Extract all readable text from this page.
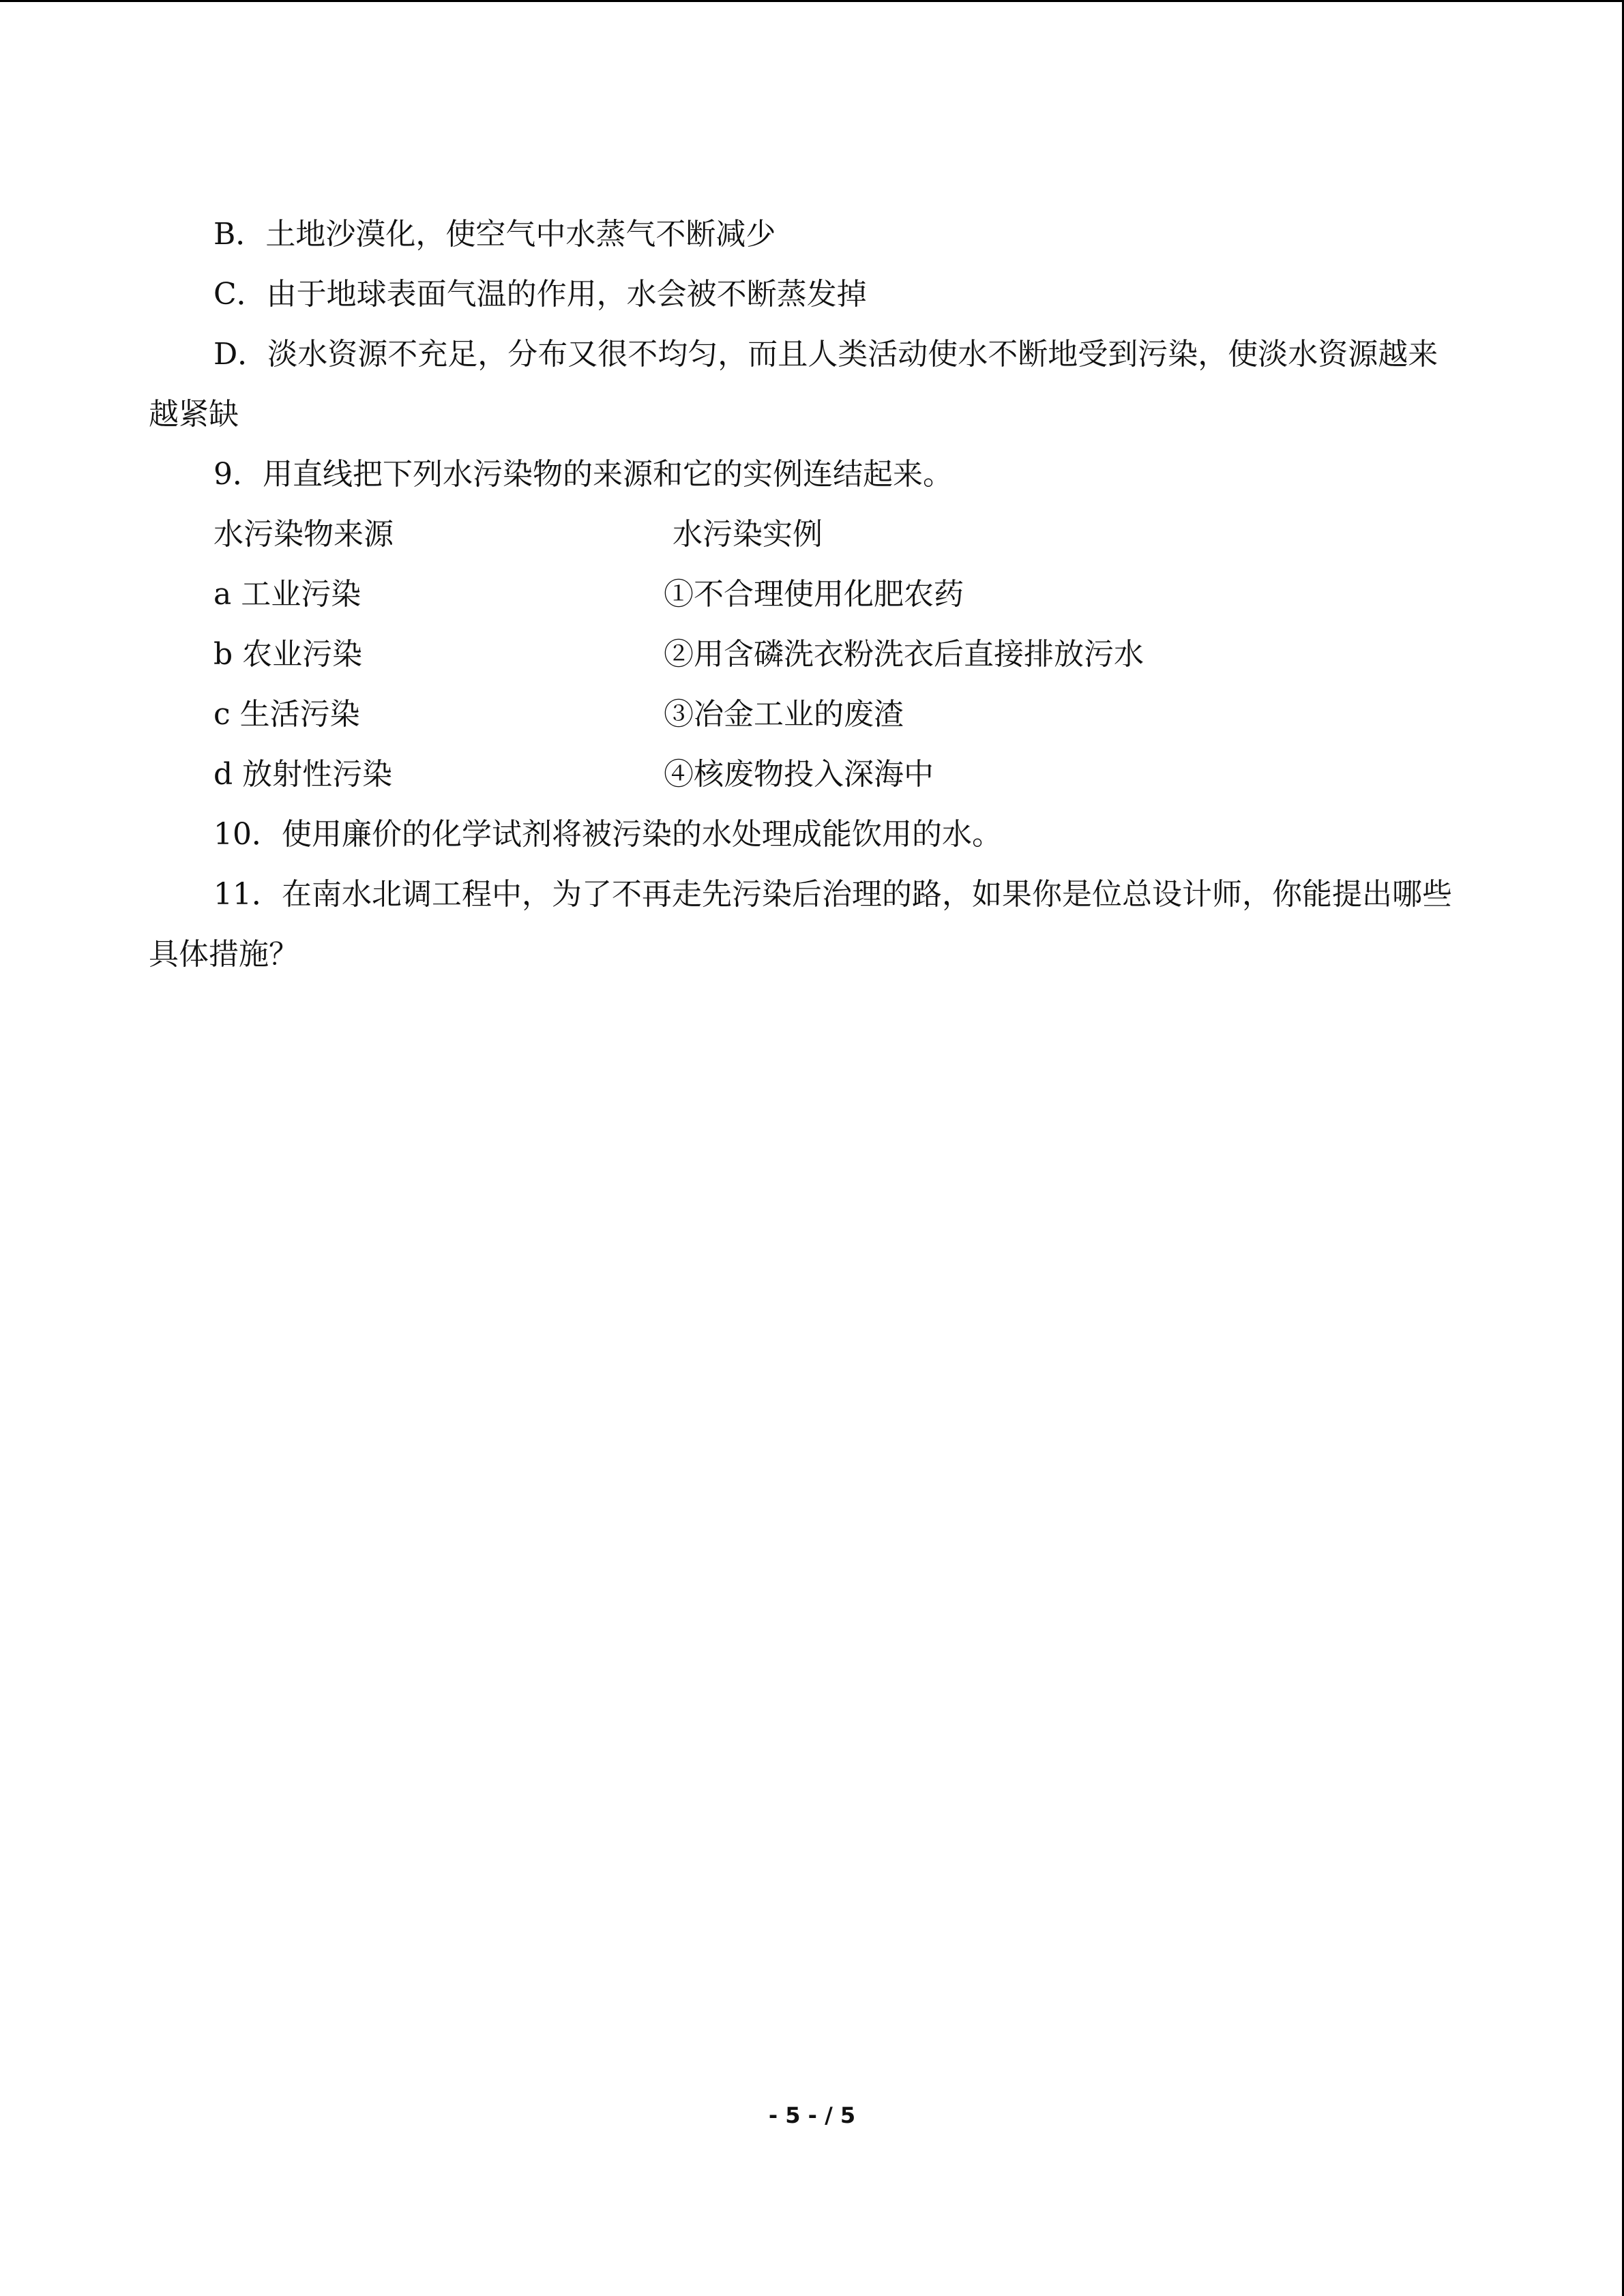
B．土地沙漠化，使空气中水蒸气不断减少

C．由于地球表面气温的作用，水会被不断蒸发掉

D．淡水资源不充足，分布又很不均匀，而且人类活动使水不断地受到污染，使淡水资源越来越紧缺

9．用直线把下列水污染物的来源和它的实例连结起来。

水污染物来源	水污染实例
a 工业污染	①不合理使用化肥农药
b 农业污染	②用含磷洗衣粉洗衣后直接排放污水
c 生活污染	③冶金工业的废渣
d 放射性污染	④核废物投入深海中

10．使用廉价的化学试剂将被污染的水处理成能饮用的水。

11．在南水北调工程中，为了不再走先污染后治理的路，如果你是位总设计师，你能提出哪些具体措施？

- 5 - / 5
